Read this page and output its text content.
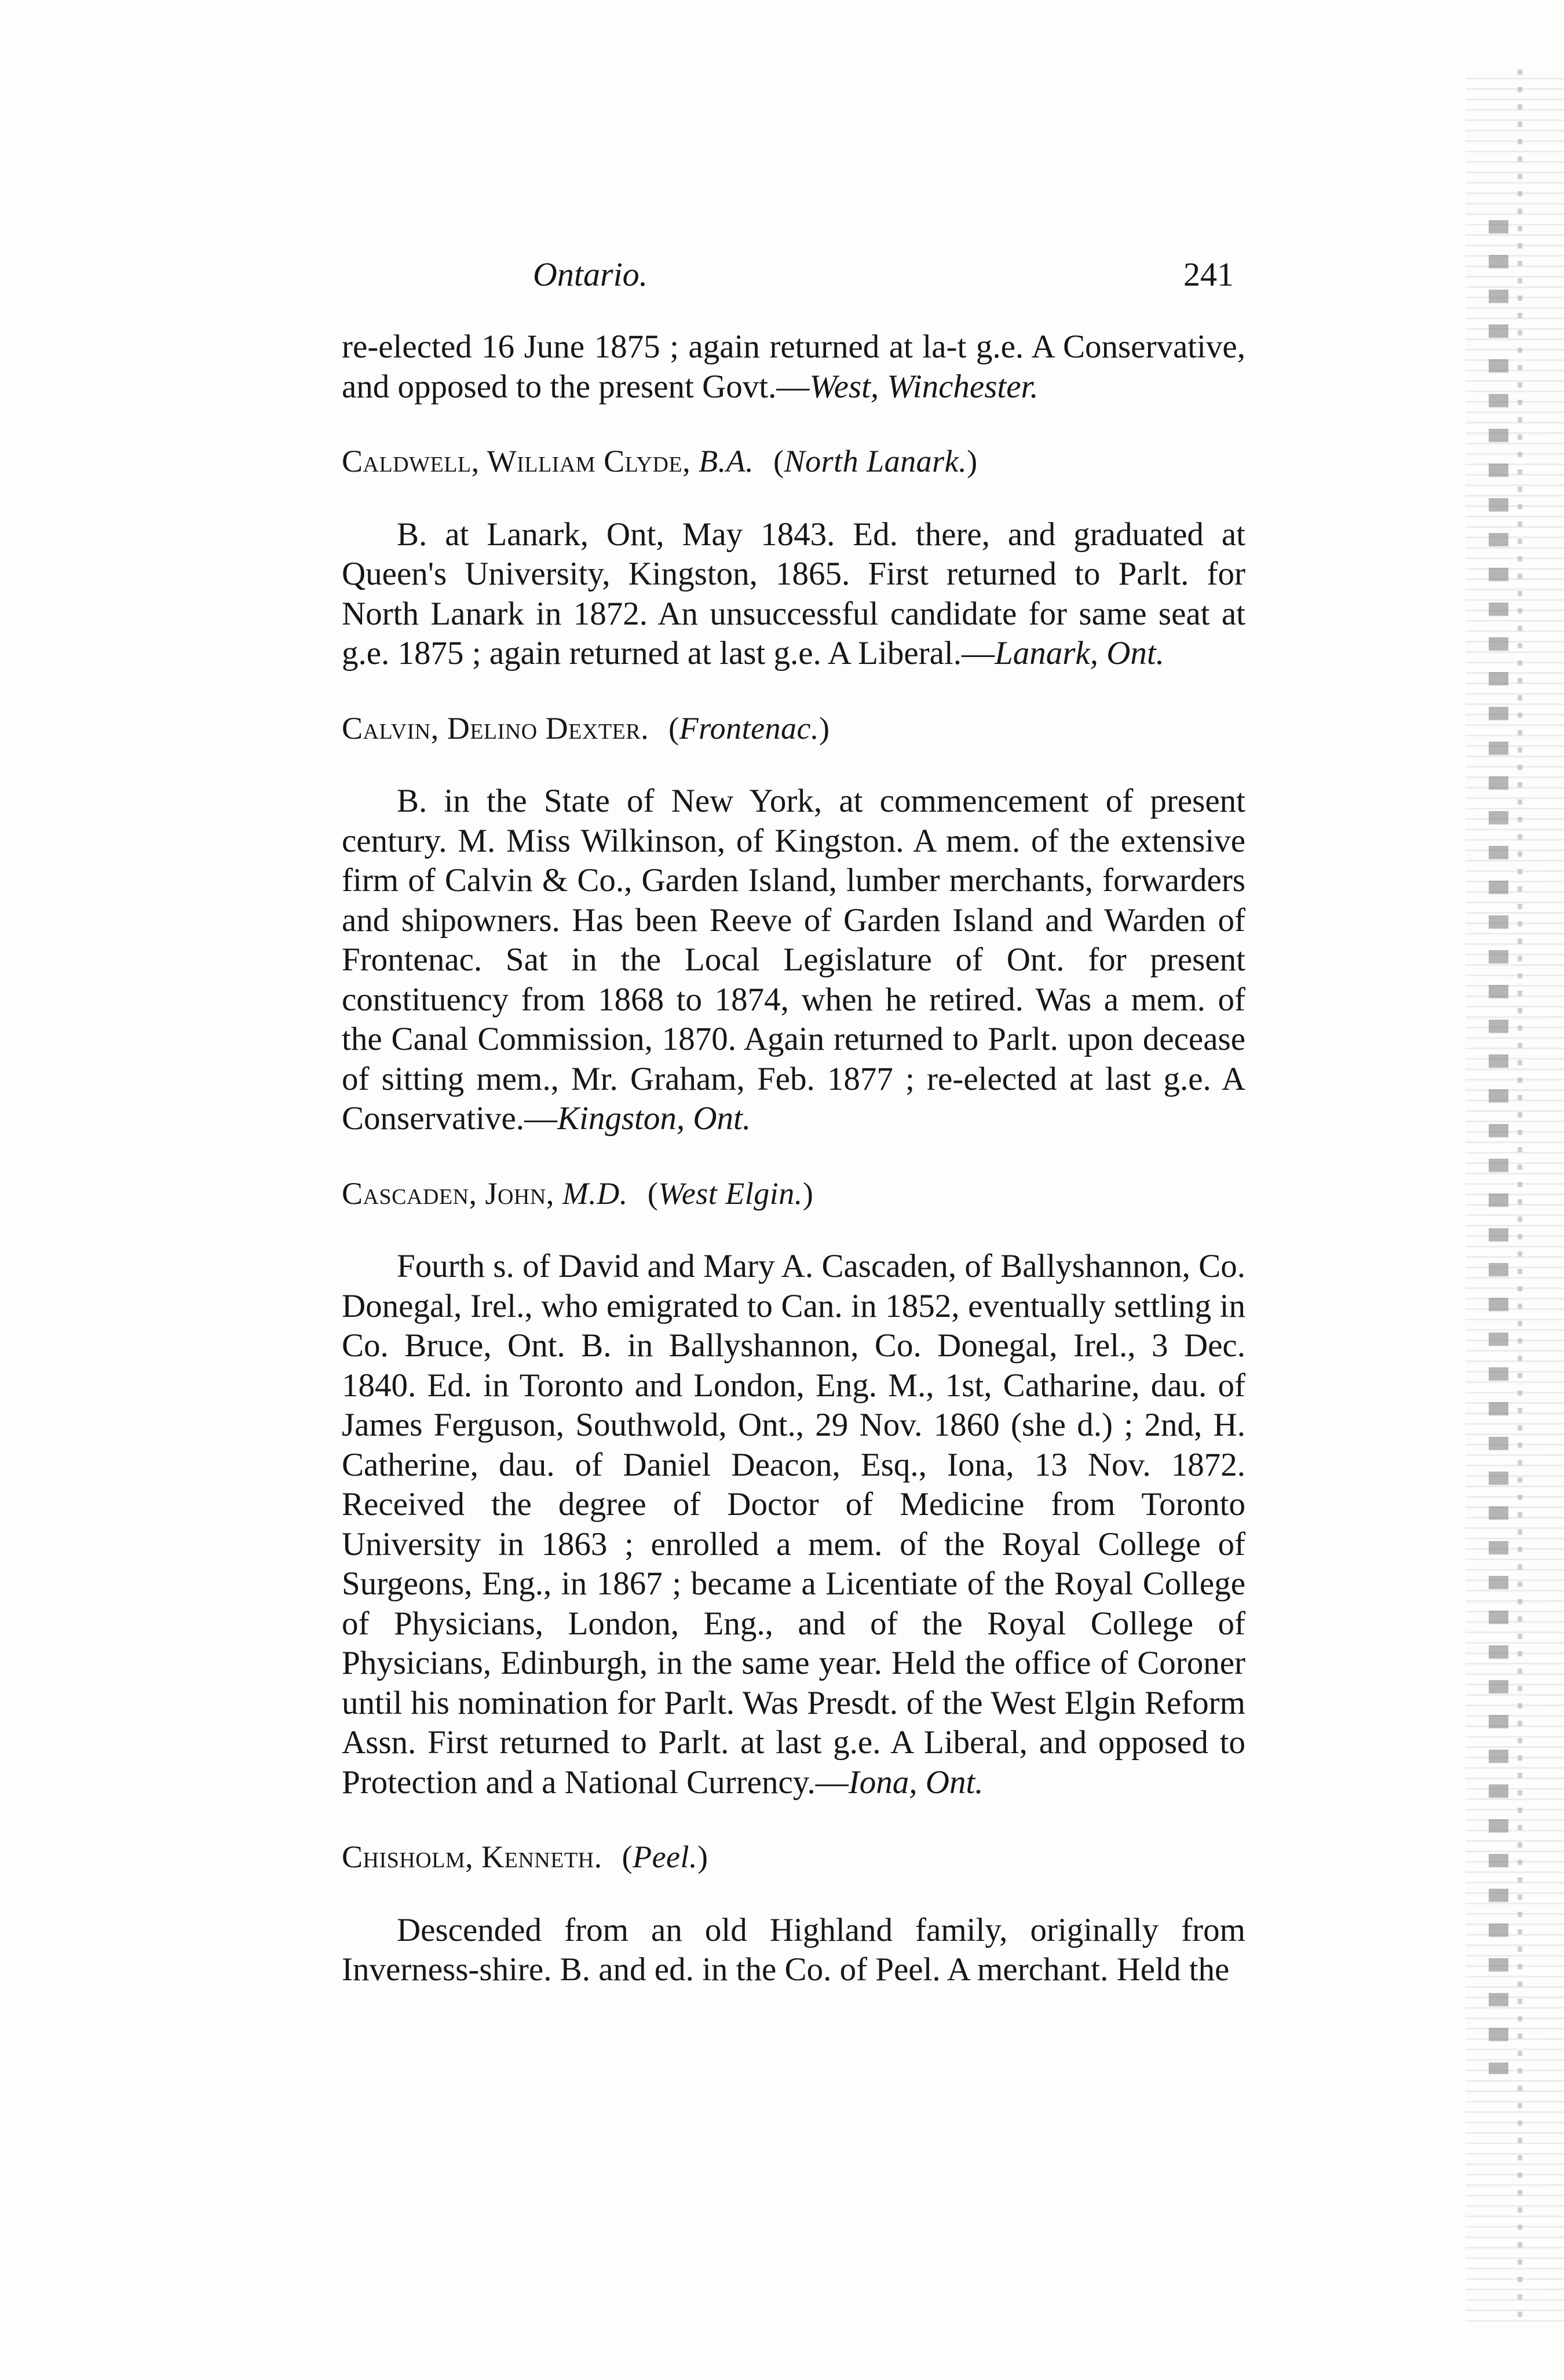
Ontario.	241

re-elected 16 June 1875 ; again returned at la-t g.e. A Conservative, and opposed to the present Govt.—West, Winchester.

Caldwell, William Clyde, B.A. (North Lanark.)

B. at Lanark, Ont, May 1843. Ed. there, and graduated at Queen's University, Kingston, 1865. First returned to Parlt. for North Lanark in 1872. An unsuccessful candidate for same seat at g.e. 1875 ; again returned at last g.e. A Liberal.—Lanark, Ont.

Calvin, Delino Dexter. (Frontenac.)

B. in the State of New York, at commencement of present century. M. Miss Wilkinson, of Kingston. A mem. of the extensive firm of Calvin & Co., Garden Island, lumber merchants, forwarders and shipowners. Has been Reeve of Garden Island and Warden of Frontenac. Sat in the Local Legislature of Ont. for present constituency from 1868 to 1874, when he retired. Was a mem. of the Canal Commission, 1870. Again returned to Parlt. upon decease of sitting mem., Mr. Graham, Feb. 1877 ; re-elected at last g.e. A Conservative.—Kingston, Ont.

Cascaden, John, M.D. (West Elgin.)

Fourth s. of David and Mary A. Cascaden, of Ballyshannon, Co. Donegal, Irel., who emigrated to Can. in 1852, eventually settling in Co. Bruce, Ont. B. in Ballyshannon, Co. Donegal, Irel., 3 Dec. 1840. Ed. in Toronto and London, Eng. M., 1st, Catharine, dau. of James Ferguson, Southwold, Ont., 29 Nov. 1860 (she d.) ; 2nd, H. Catherine, dau. of Daniel Deacon, Esq., Iona, 13 Nov. 1872. Received the degree of Doctor of Medicine from Toronto University in 1863 ; enrolled a mem. of the Royal College of Surgeons, Eng., in 1867 ; became a Licentiate of the Royal College of Physicians, London, Eng., and of the Royal College of Physicians, Edinburgh, in the same year. Held the office of Coroner until his nomination for Parlt. Was Presdt. of the West Elgin Reform Assn. First returned to Parlt. at last g.e. A Liberal, and opposed to Protection and a National Currency.—Iona, Ont.

Chisholm, Kenneth. (Peel.)

Descended from an old Highland family, originally from Inverness-shire. B. and ed. in the Co. of Peel. A merchant. Held the
